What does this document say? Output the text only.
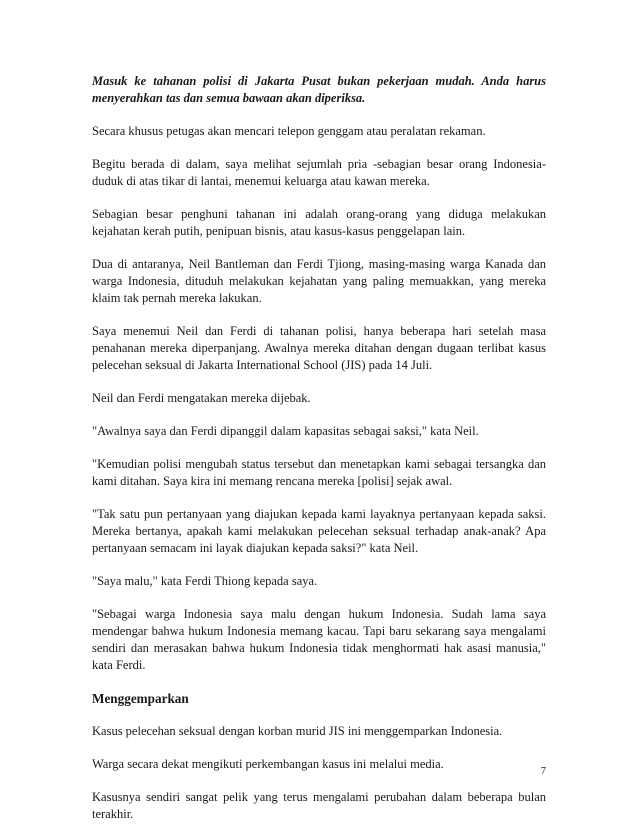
Masuk ke tahanan polisi di Jakarta Pusat bukan pekerjaan mudah. Anda harus menyerahkan tas dan semua bawaan akan diperiksa.

Secara khusus petugas akan mencari telepon genggam atau peralatan rekaman.

Begitu berada di dalam, saya melihat sejumlah pria -sebagian besar orang Indonesia- duduk di atas tikar di lantai, menemui keluarga atau kawan mereka.

Sebagian besar penghuni tahanan ini adalah orang-orang yang diduga melakukan kejahatan kerah putih, penipuan bisnis, atau kasus-kasus penggelapan lain.

Dua di antaranya, Neil Bantleman dan Ferdi Tjiong, masing-masing warga Kanada dan warga Indonesia, dituduh melakukan kejahatan yang paling memuakkan, yang mereka klaim tak pernah mereka lakukan.

Saya menemui Neil dan Ferdi di tahanan polisi, hanya beberapa hari setelah masa penahanan mereka diperpanjang. Awalnya mereka ditahan dengan dugaan terlibat kasus pelecehan seksual di Jakarta International School (JIS) pada 14 Juli.

Neil dan Ferdi mengatakan mereka dijebak.

"Awalnya saya dan Ferdi dipanggil dalam kapasitas sebagai saksi," kata Neil.

"Kemudian polisi mengubah status tersebut dan menetapkan kami sebagai tersangka dan kami ditahan. Saya kira ini memang rencana mereka [polisi] sejak awal.

"Tak satu pun pertanyaan yang diajukan kepada kami layaknya pertanyaan kepada saksi. Mereka bertanya, apakah kami melakukan pelecehan seksual terhadap anak-anak? Apa pertanyaan semacam ini layak diajukan kepada saksi?" kata Neil.

"Saya malu," kata Ferdi Thiong kepada saya.

"Sebagai warga Indonesia saya malu dengan hukum Indonesia. Sudah lama saya mendengar bahwa hukum Indonesia memang kacau. Tapi baru sekarang saya mengalami sendiri dan merasakan bahwa hukum Indonesia tidak menghormati hak asasi manusia," kata Ferdi.

Menggemparkan

Kasus pelecehan seksual dengan korban murid JIS ini menggemparkan Indonesia.

Warga secara dekat mengikuti perkembangan kasus ini melalui media.

Kasusnya sendiri sangat pelik yang terus mengalami perubahan dalam beberapa bulan terakhir.

7
